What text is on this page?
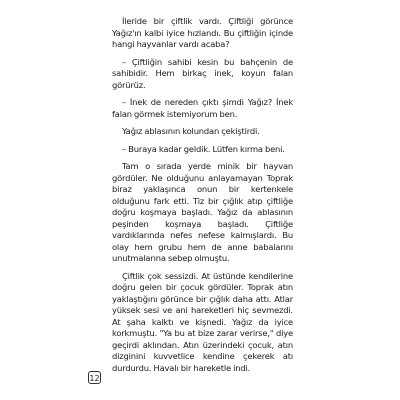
İleride bir çiftlik vardı. Çiftliği görünce Yağız'ın kalbi iyice hızlandı. Bu çiftliğin içinde hangi hayvanlar vardı acaba?

– Çiftliğin sahibi kesin bu bahçenin de sahibidir. Hem birkaç inek, koyun falan görürüz.

– İnek de nereden çıktı şimdi Yağız? İnek falan görmek istemiyorum ben.

Yağız ablasının kolundan çekiştirdi.

– Buraya kadar geldik. Lütfen kırma beni.

Tam o sırada yerde minik bir hayvan gördüler. Ne olduğunu anlayamayan Toprak biraz yaklaşınca onun bir kertenkele olduğunu fark etti. Tiz bir çığlık atıp çiftliğe doğru koşmaya başladı. Yağız da ablasının peşinden koşmaya başladı. Çiftliğe vardıklarında nefes nefese kalmışlardı. Bu olay hem grubu hem de anne babalarını unutmalarına sebep olmuştu.

Çiftlik çok sessizdi. At üstünde kendilerine doğru gelen bir çocuk gördüler. Toprak atın yaklaştığını görünce bir çığlık daha attı. Atlar yüksek sesi ve ani hareketleri hiç sevmezdi. At şaha kalktı ve kişnedi. Yağız da iyice korkmuştu. "Ya bu at bize zarar verirse," diye geçirdi aklından. Atın üzerindeki çocuk, atın dizginini kuvvetlice kendine çekerek atı durdurdu. Havalı bir hareketle indi.

12
